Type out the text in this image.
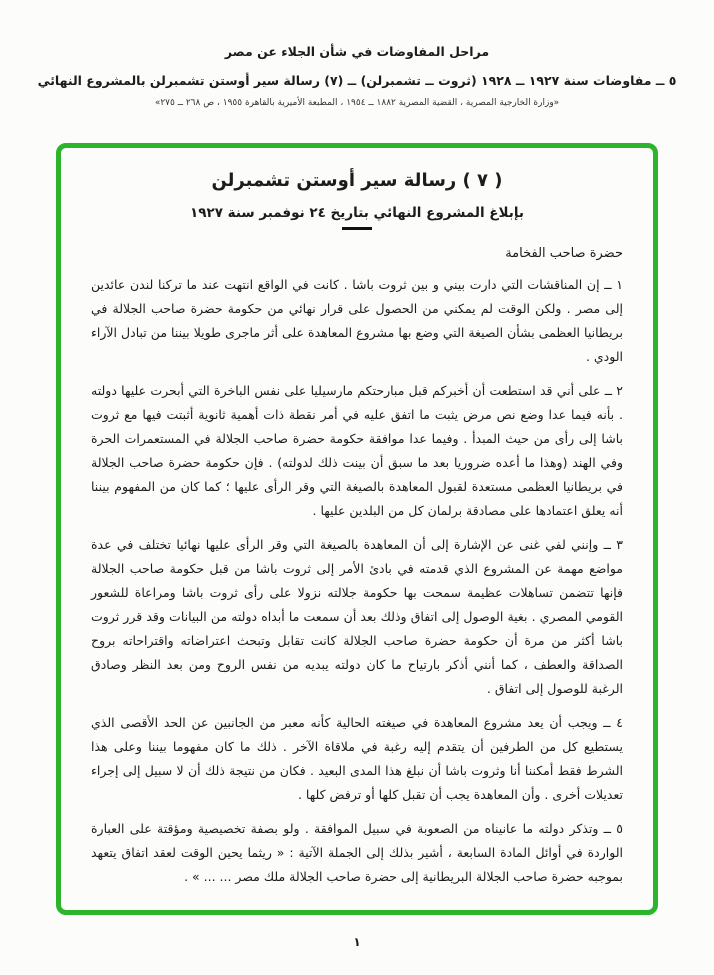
مراحل المفاوضات في شأن الجلاء عن مصر
٥ ــ مفاوضات سنة ١٩٢٧ ــ ١٩٢٨ (ثروت ــ تشمبرلن) ــ (٧) رسالة سير أوستن تشمبرلن بالمشروع النهائي
«وزارة الخارجية المصرية ، القضية المصرية ١٨٨٢ ــ ١٩٥٤ ، المطبعة الأميرية بالقاهرة ١٩٥٥ ، ص ٢٦٨ ــ ٢٧٥»
( ٧ ) رسالة سير أوستن تشمبرلن
بإبلاغ المشروع النهائي بتاريخ ٢٤ نوفمبر سنة ١٩٢٧
حضرة صاحب الفخامة

١ ــ إن المناقشات التي دارت بيني و بين ثروت باشا . كانت في الواقع انتهت عند ما تركنا لندن عائدين إلى مصر . ولكن الوقت لم يمكني من الحصول على قرار نهائي من حكومة حضرة صاحب الجلالة في بريطانيا العظمى بشأن الصيغة التي وضع بها مشروع المعاهدة على أثر ماجرى طويلا بيننا من تبادل الآراء الودي .

٢ ــ على أني قد استطعت أن أخبركم قبل مبارحتكم مارسيليا على نفس الباخرة التي أبحرت عليها دولته . بأنه فيما عدا وضع نص مرض يثبت ما اتفق عليه في أمر نقطة ذات أهمية ثانوية أثبتت فيها مع ثروت باشا إلى رأى من حيث المبدأ . وفيما عدا موافقة حكومة حضرة صاحب الجلالة في المستعمرات الحرة وفي الهند (وهذا ما أعده ضروريا بعد ما سبق أن بينت ذلك لدولته) . فإن حكومة حضرة صاحب الجلالة في بريطانيا العظمى مستعدة لقبول المعاهدة بالصيغة التي وقر الرأى عليها ؛ كما كان من المفهوم بيننا أنه يعلق اعتمادها على مصادقة برلمان كل من البلدين عليها .

٣ ــ وإنني لفي غنى عن الإشارة إلى أن المعاهدة بالصيغة التي وقر الرأى عليها نهائيا تختلف في عدة مواضع مهمة عن المشروع الذي قدمته في بادئ الأمر إلى ثروت باشا من قبل حكومة صاحب الجلالة فإنها تتضمن تساهلات عظيمة سمحت بها حكومة جلالته نزولا على رأى ثروت باشا ومراعاة للشعور القومي المصري . بغية الوصول إلى اتفاق وذلك بعد أن سمعت ما أبداه دولته من البيانات وقد قرر ثروت باشا أكثر من مرة أن حكومة حضرة صاحب الجلالة كانت تقابل وتبحث اعتراضاته واقتراحاته بروح الصداقة والعطف ، كما أنني أذكر بارتياح ما كان دولته يبديه من نفس الروح ومن بعد النظر وصادق الرغبة للوصول إلى اتفاق .

٤ ــ ويجب أن يعد مشروع المعاهدة في صيغته الحالية كأنه معبر من الجانبين عن الحد الأقصى الذي يستطيع كل من الطرفين أن يتقدم إليه رغبة في ملاقاة الآخر . ذلك ما كان مفهوما بيننا وعلى هذا الشرط فقط أمكننا أنا وثروت باشا أن نبلغ هذا المدى البعيد . فكان من نتيجة ذلك أن لا سبيل إلى إجراء تعديلات أخرى . وأن المعاهدة يجب أن تقبل كلها أو ترفض كلها .

٥ ــ وتذكر دولته ما عانيناه من الصعوبة في سبيل الموافقة . ولو بصفة تخصيصية ومؤقتة على العبارة الواردة في أوائل المادة السابعة ، أشير بذلك إلى الجملة الآتية : « ريثما يحين الوقت لعقد اتفاق يتعهد بموجبه حضرة صاحب الجلالة البريطانية إلى حضرة صاحب الجلالة ملك مصر ... ... » .

١
